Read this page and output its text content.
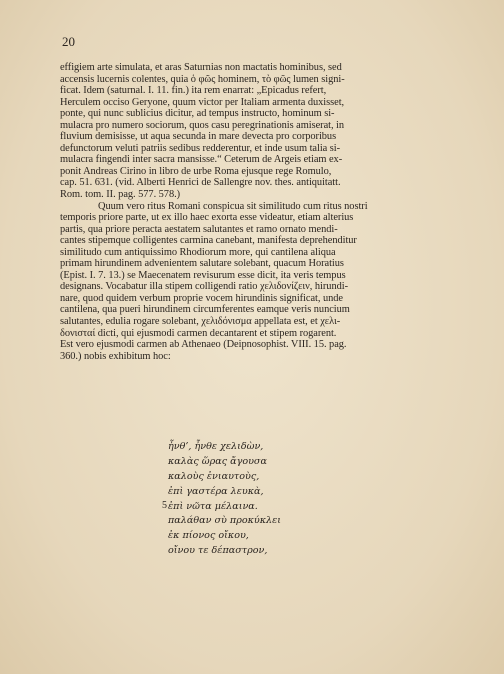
20
effigiem arte simulata, et aras Saturnias non mactatis hominibus, sed
accensis lucernis colentes, quia ὁ φῶς hominem, τὸ φῶς lumen signi-
ficat. Idem (saturnal. I. 11. fin.) ita rem enarrat: „Epicadus refert,
Herculem occiso Geryone, quum victor per Italiam armenta duxisset,
ponte, qui nunc sublicius dicitur, ad tempus instructo, hominum si-
mulacra pro numero sociorum, quos casu peregrinationis amiserat, in
fluvium demisisse, ut aqua secunda in mare devecta pro corporibus
defunctorum veluti patriis sedibus redderentur, et inde usum talia si-
mulacra fingendi inter sacra mansisse.“ Ceterum de Argeis etiam ex-
ponit Andreas Cirino in libro de urbe Roma ejusque rege Romulo,
cap. 51. 631. (vid. Alberti Henrici de Sallengre nov. thes. antiquitatt.
Rom. tom. II. pag. 577. 578.)
Quum vero ritus Romani conspicua sit similitudo cum ritus nostri
temporis priore parte, ut ex illo haec exorta esse videatur, etiam alterius
partis, qua priore peracta aestatem salutantes et ramo ornato mendi-
cantes stipemque colligentes carmina canebant, manifesta deprehenditur
similitudo cum antiquissimo Rhodiorum more, qui cantilena aliqua
primam hirundinem advenientem salutare solebant, quacum Horatius
(Epist. I. 7. 13.) se Maecenatem revisurum esse dicit, ita veris tempus
designans. Vocabatur illa stipem colligendi ratio χελιδονίζειν, hirundi-
nare, quod quidem verbum proprie vocem hirundinis significat, unde
cantilena, qua pueri hirundinem circumferentes eamque veris nuncium
salutantes, edulia rogare solebant, χελιδόνισμα appellata est, et χελι-
δονισταί dicti, qui ejusmodi carmen decantarent et stipem rogarent.
Est vero ejusmodi carmen ab Athenaeo (Deipnosophist. VIII. 15. pag.
360.) nobis exhibitum hoc:
ἦνθ’, ἦνθε χελιδὼν,
καλὰς ὥρας ἄγουσα
καλοὺς ἐνιαυτοὺς,
ἐπὶ γαστέρα λευκὰ,
ἐπὶ νῶτα μέλαινα.
παλάθαν σὺ προκύκλει
ἐκ πίονος οἴκου,
οἴνου τε δέπαστρον,
5
